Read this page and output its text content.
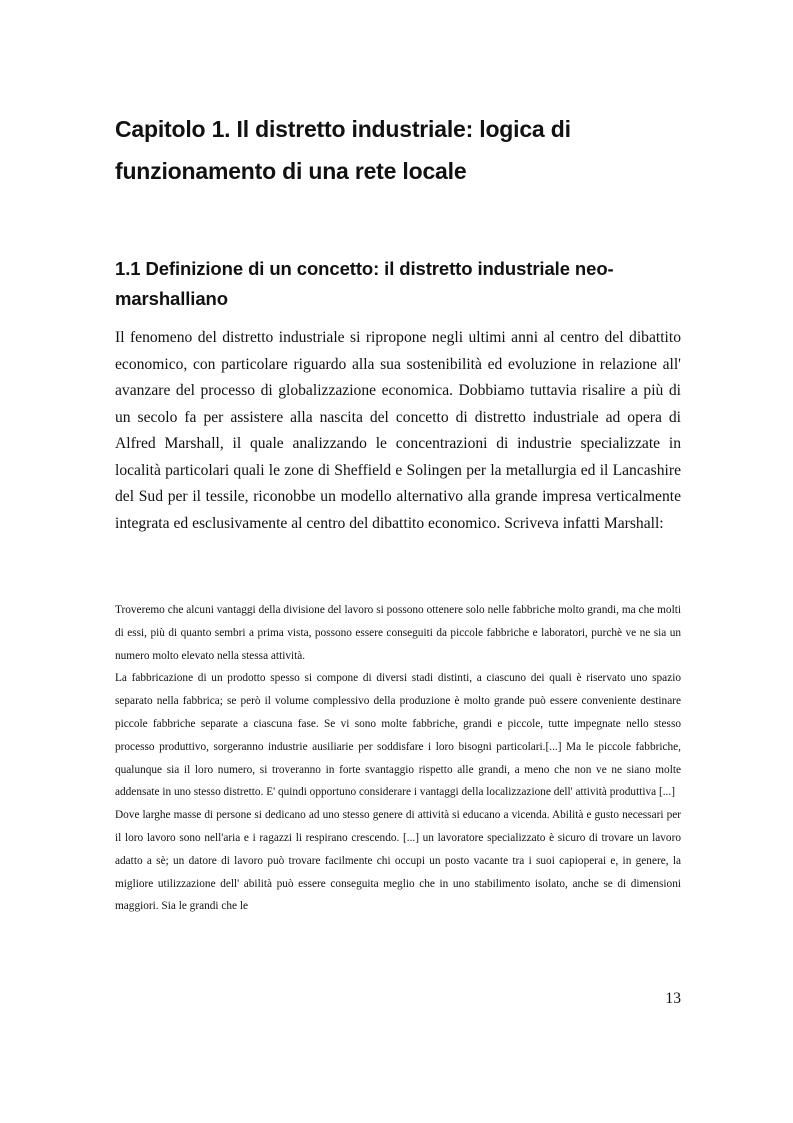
Capitolo 1. Il distretto industriale: logica di funzionamento di una rete locale
1.1 Definizione di un concetto: il distretto industriale neo-marshalliano

Il fenomeno del distretto industriale si ripropone negli ultimi anni al centro del dibattito economico, con particolare riguardo alla sua sostenibilità ed evoluzione in relazione all' avanzare del processo di globalizzazione economica. Dobbiamo tuttavia risalire a più di un secolo fa per assistere alla nascita del concetto di distretto industriale ad opera di Alfred Marshall, il quale analizzando le concentrazioni di industrie specializzate in località particolari quali le zone di Sheffield e Solingen per la metallurgia ed il Lancashire del Sud per il tessile, riconobbe un modello alternativo alla grande impresa verticalmente integrata ed esclusivamente al centro del dibattito economico. Scriveva infatti Marshall:

Troveremo che alcuni vantaggi della divisione del lavoro si possono ottenere solo nelle fabbriche molto grandi, ma che molti di essi, più di quanto sembri a prima vista, possono essere conseguiti da piccole fabbriche e laboratori, purchè ve ne sia un numero molto elevato nella stessa attività.

La fabbricazione di un prodotto spesso si compone di diversi stadi distinti, a ciascuno dei quali è riservato uno spazio separato nella fabbrica; se però il volume complessivo della produzione è molto grande può essere conveniente destinare piccole fabbriche separate a ciascuna fase. Se vi sono molte fabbriche, grandi e piccole, tutte impegnate nello stesso processo produttivo, sorgeranno industrie ausiliarie per soddisfare i loro bisogni particolari.[...] Ma le piccole fabbriche, qualunque sia il loro numero, si troveranno in forte svantaggio rispetto alle grandi, a meno che non ve ne siano molte addensate in uno stesso distretto. E' quindi opportuno considerare i vantaggi della localizzazione dell' attività produttiva [...]

Dove larghe masse di persone si dedicano ad uno stesso genere di attività si educano a vicenda. Abilità e gusto necessari per il loro lavoro sono nell'aria e i ragazzi li respirano crescendo. [...] un lavoratore specializzato è sicuro di trovare un lavoro adatto a sè; un datore di lavoro può trovare facilmente chi occupi un posto vacante tra i suoi capioperai e, in genere, la migliore utilizzazione dell' abilità può essere conseguita meglio che in uno stabilimento isolato, anche se di dimensioni maggiori. Sia le grandi che le

13
